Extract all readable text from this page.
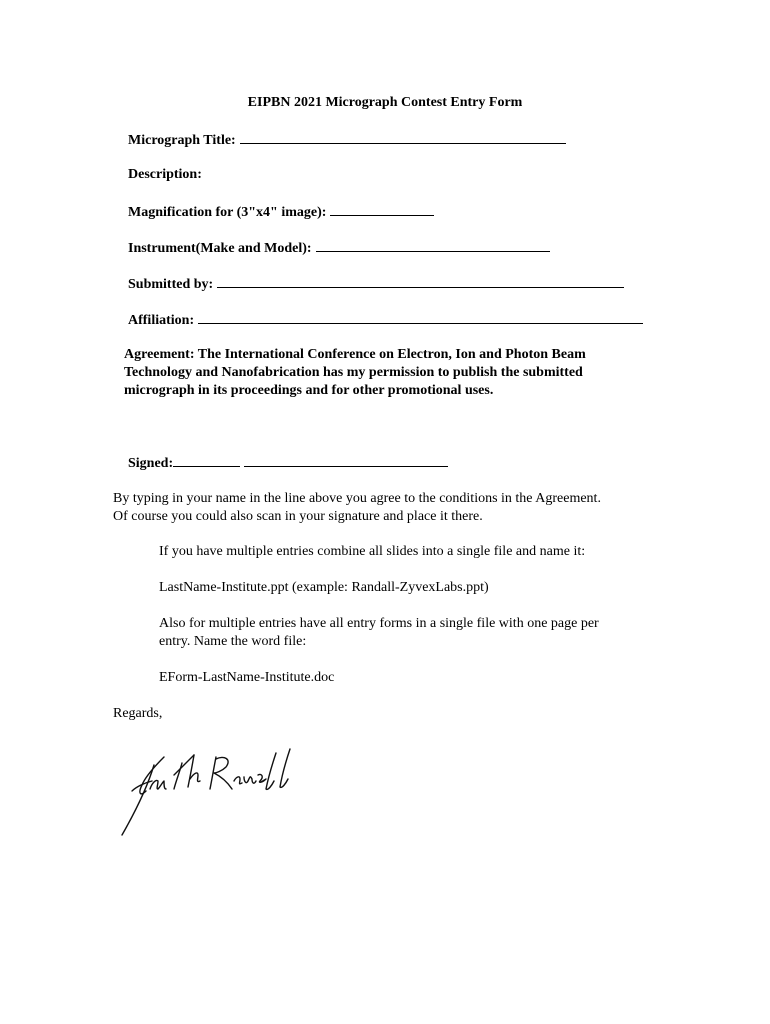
EIPBN 2021 Micrograph Contest Entry Form
Micrograph Title:
Description:
Magnification for (3"x4" image):
Instrument(Make and Model):
Submitted by:
Affiliation:
Agreement: The International Conference on Electron, Ion and Photon Beam
Technology and Nanofabrication has my permission to publish the submitted
micrograph in its proceedings and for other promotional uses.
Signed:
By typing in your name in the line above you agree to the conditions in the Agreement.
Of course you could also scan in your signature and place it there.
If you have multiple entries combine all slides into a single file and name it:
LastName-Institute.ppt (example: Randall-ZyvexLabs.ppt)
Also for multiple entries have all entry forms in a single file with one page per
entry. Name the word file:
EForm-LastName-Institute.doc
Regards,
